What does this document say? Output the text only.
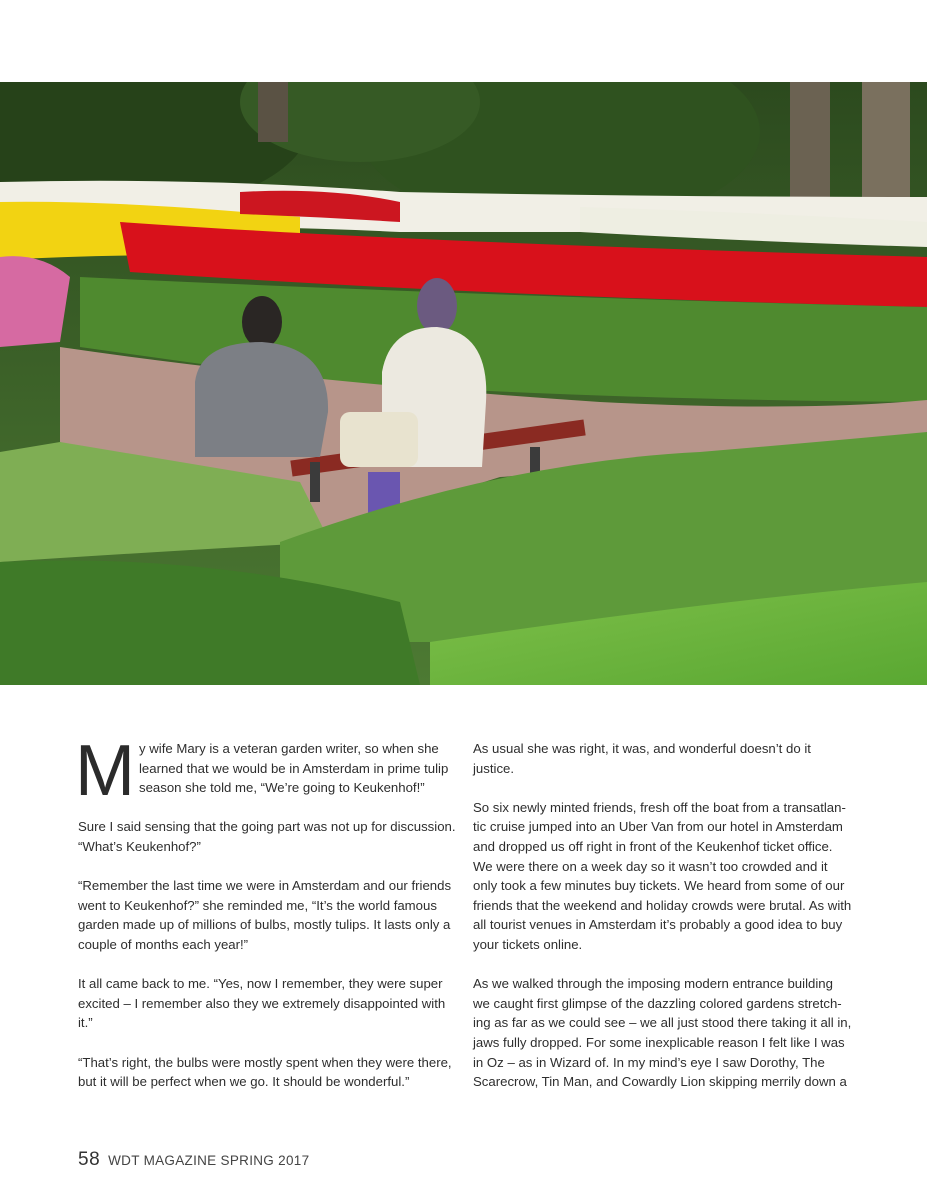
My wife Mary is a veteran garden writer, so when she learned that we would be in Amsterdam in prime tulip season she told me, “We’re going to Keukenhof!”

Sure I said sensing that the going part was not up for discussion. “What’s Keukenhof?”

“Remember the last time we were in Amsterdam and our friends went to Keukenhof?” she reminded me, “It’s the world famous garden made up of millions of bulbs, mostly tulips. It lasts only a couple of months each year!”

It all came back to me. “Yes, now I remember, they were super excited – I remember also they we extremely disappointed with it.”

“That’s right, the bulbs were mostly spent when they were there, but it will be perfect when we go. It should be wonderful.”

As usual she was right, it was, and wonderful doesn’t do it justice.

So six newly minted friends, fresh off the boat from a transatlan-tic cruise jumped into an Uber Van from our hotel in Amsterdam and dropped us off right in front of the Keukenhof ticket office. We were there on a week day so it wasn’t too crowded and it only took a few minutes buy tickets. We heard from some of our friends that the weekend and holiday crowds were brutal. As with all tourist venues in Amsterdam it’s probably a good idea to buy your tickets online.

As we walked through the imposing modern entrance building we caught first glimpse of the dazzling colored gardens stretch-ing as far as we could see – we all just stood there taking it all in, jaws fully dropped. For some inexplicable reason I felt like I was in Oz – as in Wizard of. In my mind’s eye I saw Dorothy, The Scarecrow, Tin Man, and Cowardly Lion skipping merrily down a

58 WDT MAGAZINE SPRING 2017
